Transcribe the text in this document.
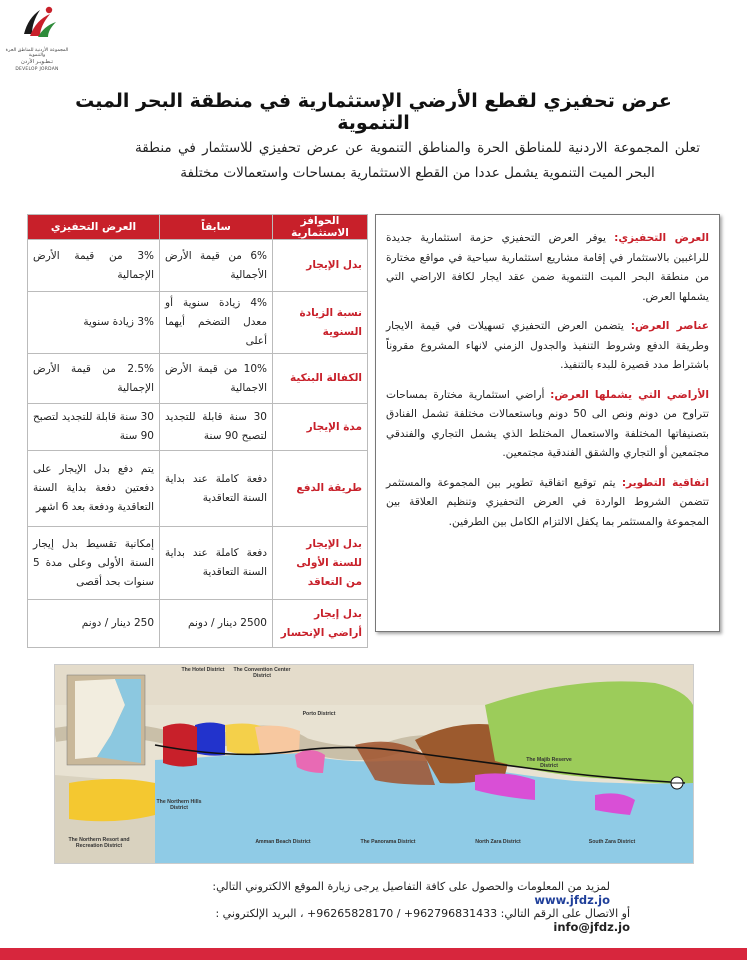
المجموعة الأردنية للمناطق الحرة والتنموية
تـطـويـر الأردن
DEVELOP JORDAN
عرض تحفيزي لقطع الأرضي الإستثمارية في منطقة البحر الميت التنموية

تعلن المجموعة الاردنية للمناطق الحرة والمناطق التنموية عن عرض تحفيزي للاستثمار في منطقة البحر الميت التنموية يشمل عددا من القطع الاستثمارية بمساحات واستعمالات مختلفة

الحوافز الاستثمارية	سابقاً	العرض التحفيزي
بدل الإيجار	6% من قيمة الأرض الأجمالية	3% من قيمة الأرض الإجمالية
نسبة الزيادة السنوية	4% زيادة سنوية أو معدل التضخم أيهما أعلى	3% زيادة سنوية
الكفالة البنكية	10% من قيمة الأرض الاجمالية	2.5% من قيمة الأرض الإجمالية
مدة الإيجار	30 سنة قابلة للتجديد لتصبح 90 سنة	30 سنة قابلة للتجديد لتصبح 90 سنة
طريقة الدفع	دفعة كاملة عند بداية السنة التعاقدية	يتم دفع بدل الإيجار على دفعتين دفعة بداية السنة التعاقدية ودفعة بعد 6 اشهر
بدل الإيجار للسنة الأولى من التعاقد	دفعة كاملة عند بداية السنة التعاقدية	إمكانية تقسيط بدل إيجار السنة الأولى وعلى مدة 5 سنوات بحد أقصى
بدل إيجار أراضي الإنحسار	2500 دينار / دونم	250 دينار / دونم

العرض التحفيزي: يوفر العرض التحفيزي حزمة استثمارية جديدة للراغبين بالاستثمار في إقامة مشاريع استثمارية سياحية في مواقع مختارة من منطقة البحر الميت التنموية ضمن عقد ايجار لكافة الاراضي التي يشملها العرض.

عناصر العرض: يتضمن العرض التحفيزي تسهيلات في قيمة الايجار وطريقة الدفع وشروط التنفيذ والجدول الزمني لانهاء المشروع مقروناً باشتراط مدد قصيرة للبدء بالتنفيذ.

الأراضي التي يشملها العرض: أراضي استثمارية مختارة بمساحات تتراوح من دونم ونص الى 50 دونم وباستعمالات مختلفة تشمل الفنادق بتصنيفاتها المختلفة والاستعمال المختلط الذي يشمل التجاري والفندقي مجتمعين أو التجاري والشقق الفندقية مجتمعين.

اتفاقية التطوير: يتم توقيع اتفاقية تطوير بين المجموعة والمستثمر تتضمن الشروط الواردة في العرض التحفيزي وتنظيم العلاقة بين المجموعة والمستثمر بما يكفل الالتزام الكامل بين الطرفين.

The Hotel District	The Convention Center District
Porto District
The Majib Reserve District
The Northern Hills District
The Northern Resort and Recreation District
Amman Beach District	The Panorama District	North Zara District	South Zara District
لمزيد من المعلومات والحصول على كافة التفاصيل يرجى زيارة الموقع الالكتروني التالي: www.jfdz.jo
أو الاتصال على الرقم التالي: 962796831433+ / 96265828170+ ، البريد الإلكتروني : info@jfdz.jo
